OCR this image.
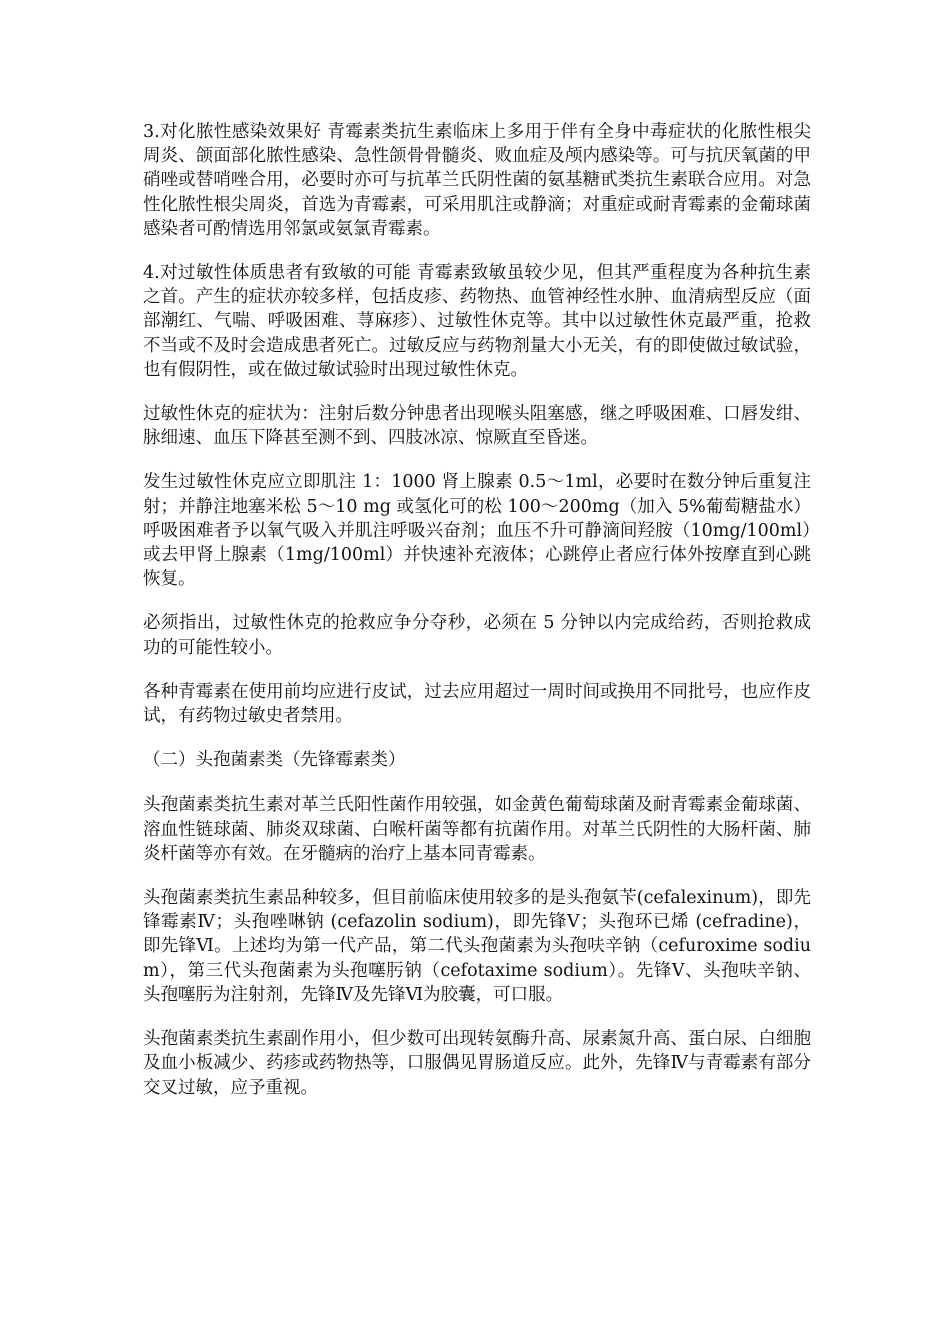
3.对化脓性感染效果好 青霉素类抗生素临床上多用于伴有全身中毒症状的化脓性根尖周炎、颌面部化脓性感染、急性颌骨骨髓炎、败血症及颅内感染等。可与抗厌氧菌的甲硝唑或替哨唑合用，必要时亦可与抗革兰氏阴性菌的氨基糖甙类抗生素联合应用。对急性化脓性根尖周炎，首选为青霉素，可采用肌注或静滴；对重症或耐青霉素的金葡球菌感染者可酌情选用邻氯或氨氯青霉素。

4.对过敏性体质患者有致敏的可能 青霉素致敏虽较少见，但其严重程度为各种抗生素之首。产生的症状亦较多样，包括皮疹、药物热、血管神经性水肿、血清病型反应（面部潮红、气喘、呼吸困难、荨麻疹）、过敏性休克等。其中以过敏性休克最严重，抢救不当或不及时会造成患者死亡。过敏反应与药物剂量大小无关，有的即使做过敏试验，也有假阴性，或在做过敏试验时出现过敏性休克。

过敏性休克的症状为：注射后数分钟患者出现喉头阻塞感，继之呼吸困难、口唇发绀、脉细速、血压下降甚至测不到、四肢冰凉、惊厥直至昏迷。

发生过敏性休克应立即肌注 1：1000 肾上腺素 0.5～1ml，必要时在数分钟后重复注射；并静注地塞米松 5～10 mg 或氢化可的松 100～200mg（加入 5%葡萄糖盐水）呼吸困难者予以氧气吸入并肌注呼吸兴奋剂；血压不升可静滴间羟胺（10mg/100ml）或去甲肾上腺素（1mg/100ml）并快速补充液体；心跳停止者应行体外按摩直到心跳恢复。

必须指出，过敏性休克的抢救应争分夺秒，必须在 5 分钟以内完成给药，否则抢救成功的可能性较小。

各种青霉素在使用前均应进行皮试，过去应用超过一周时间或换用不同批号，也应作皮试，有药物过敏史者禁用。

（二）头孢菌素类（先锋霉素类）

头孢菌素类抗生素对革兰氏阳性菌作用较强，如金黄色葡萄球菌及耐青霉素金葡球菌、溶血性链球菌、肺炎双球菌、白喉杆菌等都有抗菌作用。对革兰氏阴性的大肠杆菌、肺炎杆菌等亦有效。在牙髓病的治疗上基本同青霉素。

头孢菌素类抗生素品种较多，但目前临床使用较多的是头孢氨苄(cefalexinum)，即先锋霉素Ⅳ；头孢唑啉钠 (cefazolin sodium)，即先锋Ⅴ；头孢环已烯 (cefradine)，即先锋Ⅵ。上述均为第一代产品，第二代头孢菌素为头孢呋辛钠（cefuroxime sodium），第三代头孢菌素为头孢噻肟钠（cefotaxime sodium）。先锋Ⅴ、头孢呋辛钠、头孢噻肟为注射剂，先锋Ⅳ及先锋Ⅵ为胶囊，可口服。

头孢菌素类抗生素副作用小，但少数可出现转氨酶升高、尿素氮升高、蛋白尿、白细胞及血小板减少、药疹或药物热等，口服偶见胃肠道反应。此外，先锋Ⅳ与青霉素有部分交叉过敏，应予重视。
